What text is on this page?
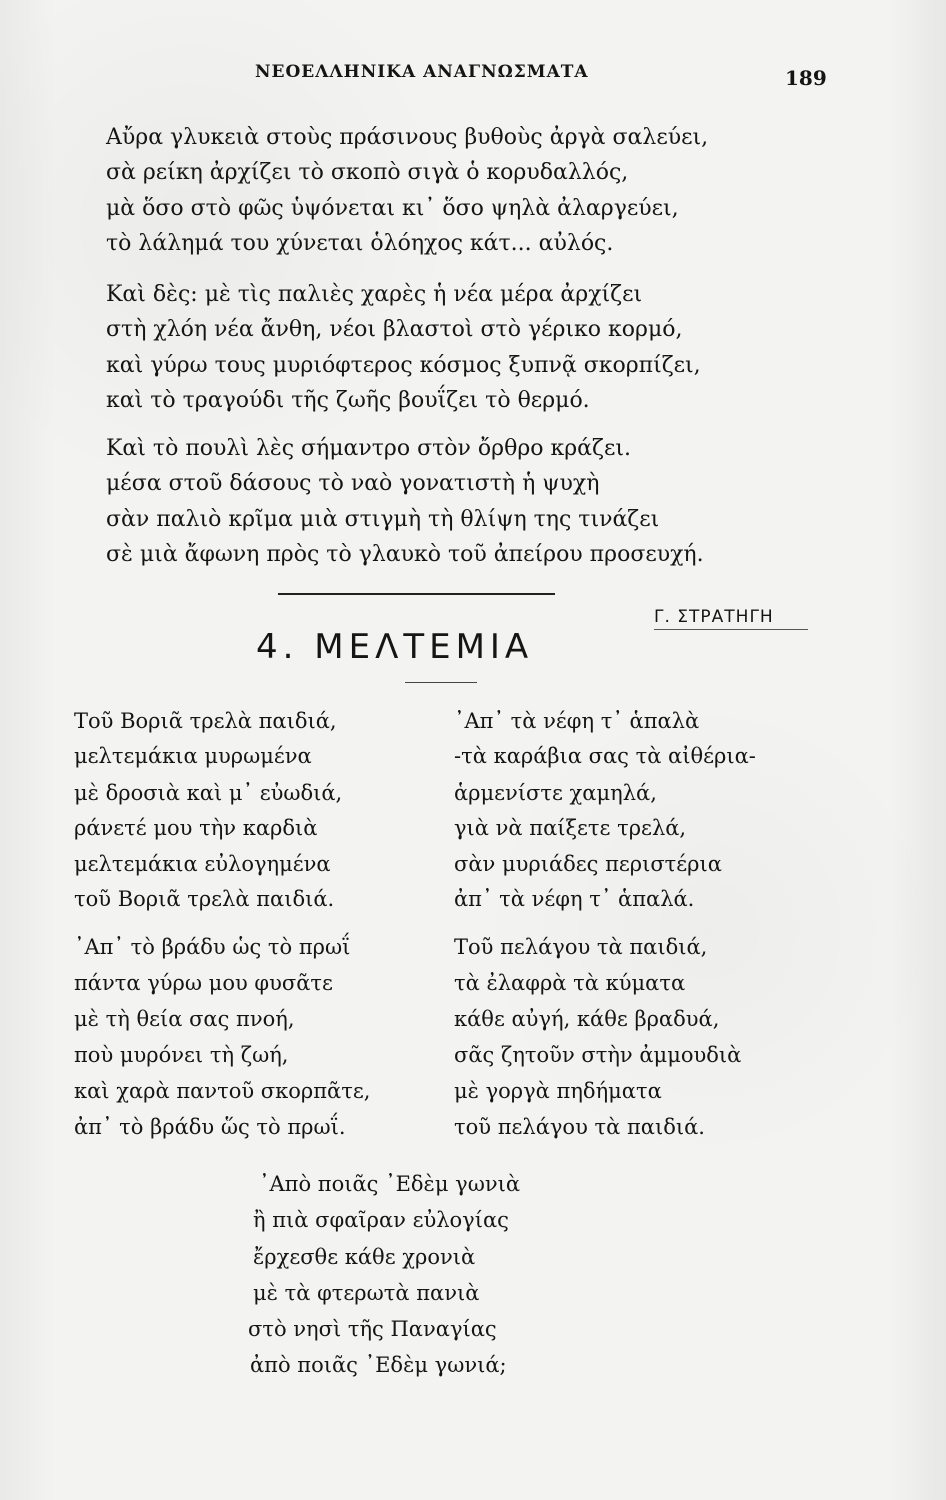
ΝΕΟΕΛΛΗΝΙΚΑ ΑΝΑΓΝΩΣΜΑΤΑ	189
Αὔρα γλυκειὰ στοὺς πράσινους βυθοὺς ἀργὰ σαλεύει,
σὰ ρείκη ἀρχίζει τὸ σκοπὸ σιγὰ ὁ κορυδαλλός,
μὰ ὅσο στὸ φῶς ὑψόνεται κι᾽ ὅσο ψηλὰ ἀλαργεύει,
τὸ λάλημά του χύνεται ὁλόηχος κάτ... αὐλός.
Καὶ δὲς: μὲ τὶς παλιὲς χαρὲς ἡ νέα μέρα ἀρχίζει
στὴ χλόη νέα ἄνθη, νέοι βλαστοὶ στὸ γέρικο κορμό,
καὶ γύρω τους μυριόφτερος κόσμος ξυπνᾷ σκορπίζει,
καὶ τὸ τραγούδι τῆς ζωῆς βουΐζει τὸ θερμό.
Καὶ τὸ πουλὶ λὲς σήμαντρο στὸν ὄρθρο κράζει.
μέσα στοῦ δάσους τὸ ναὸ γονατιστὴ ἡ ψυχὴ
σὰν παλιὸ κρῖμα μιὰ στιγμὴ τὴ θλίψη της τινάζει
σὲ μιὰ ἄφωνη πρὸς τὸ γλαυκὸ τοῦ ἀπείρου προσευχή.
Γ. ΣΤΡΑΤΗΓΗ
4. ΜΕΛΤΕΜΙΑ
Τοῦ Βοριᾶ τρελὰ παιδιά,
μελτεμάκια μυρωμένα
μὲ δροσιὰ καὶ μ᾽ εὐωδιά,
ράνετέ μου τὴν καρδιὰ
μελτεμάκια εὐλογημένα
τοῦ Βοριᾶ τρελὰ παιδιά.
᾽Απ᾽ τὸ βράδυ ὡς τὸ πρωΐ
πάντα γύρω μου φυσᾶτε
μὲ τὴ θεία σας πνοή,
ποὺ μυρόνει τὴ ζωή,
καὶ χαρὰ παντοῦ σκορπᾶτε,
ἀπ᾽ τὸ βράδυ ὥς τὸ πρωΐ.
᾽Απ᾽ τὰ νέφη τ᾽ ἁπαλὰ
-τὰ καράβια σας τὰ αἰθέρια-
ἁρμενίστε χαμηλά,
γιὰ νὰ παίξετε τρελά,
σὰν μυριάδες περιστέρια
ἀπ᾽ τὰ νέφη τ᾽ ἁπαλά.
Τοῦ πελάγου τὰ παιδιά,
τὰ ἐλαφρὰ τὰ κύματα
κάθε αὐγή, κάθε βραδυά,
σᾶς ζητοῦν στὴν ἀμμουδιὰ
μὲ γοργὰ πηδήματα
τοῦ πελάγου τὰ παιδιά.
᾽Απὸ ποιᾶς ᾽Εδὲμ γωνιὰ
ἢ πιὰ σφαῖραν εὐλογίας
ἔρχεσθε κάθε χρονιὰ
μὲ τὰ φτερωτὰ πανιὰ
στὸ νησὶ τῆς Παναγίας
ἀπὸ ποιᾶς ᾽Εδὲμ γωνιά;
